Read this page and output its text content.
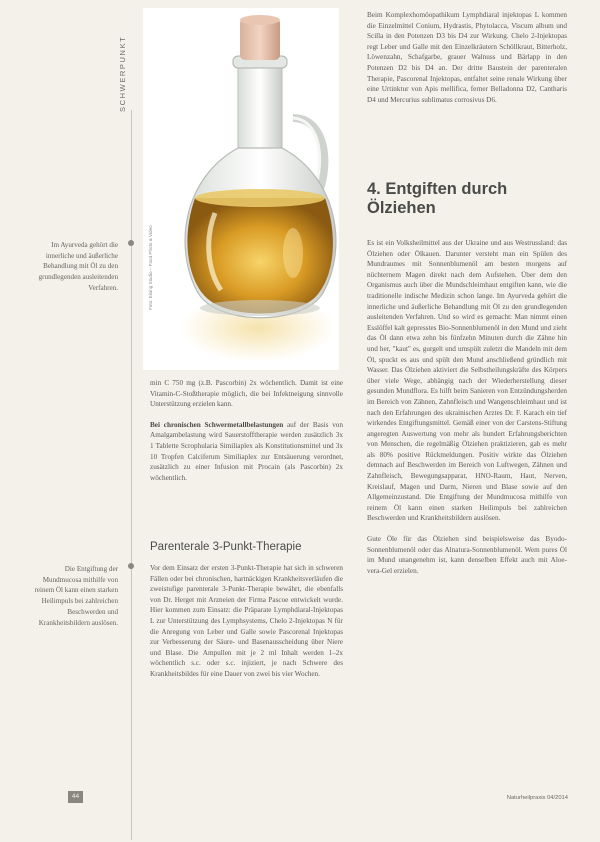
SCHWERPUNKT
Im Ayurveda gehört die innerliche und äußerliche Behandlung mit Öl zu den grundlegenden ausleitenden Verfahren.
Die Entgiftung der Mundmucosa mithilfe von reinem Öl kann einen starken Heilimpuls bei zahlreichen Beschwerden und Krankheitsbildern auslösen.
Foto: Eising Studio – Food Photo & Video

min C 750 mg (z.B. Pascorbin) 2x wöchentlich. Damit ist eine Vitamin-C-Stoßtherapie möglich, die bei Infektneigung sinnvolle Unterstützung erzielen kann.

Bei chronischen Schwermetallbelastungen auf der Basis von Amalgambelastung wird Sauerstofftherapie werden zusätzlich 3x 1 Tablette Scrophularia Similiaplex als Konstitutionsmittel und 3x 10 Tropfen Calciferum Similiaplex zur Entsäuerung verordnet, zusätzlich zu einer Infusion mit Procain (als Pascorbin) 2x wöchentlich.

Parenterale 3-Punkt-Therapie

Vor dem Einsatz der ersten 3-Punkt-Therapie hat sich in schweren Fällen oder bei chronischen, hartnäckigen Krankheitsverläufen die zweistufige parenterale 3-Punkt-Therapie bewährt, die ebenfalls von Dr. Herget mit Arzneien der Firma Pascoe entwickelt wurde. Hier kommen zum Einsatz: die Präparate Lymphdiaral-Injektopas L zur Unterstützung des Lymphsystems, Chelo 2-Injektopas N für die Anregung von Leber und Galle sowie Pascorenal Injektopas zur Verbesserung der Säure- und Basenausscheidung über Niere und Blase. Die Ampullen mit je 2 ml Inhalt werden 1–2x wöchentlich s.c. oder s.c. injiziert, je nach Schwere des Krankheitsbildes für eine Dauer von zwei bis vier Wochen.

Beim Komplexhomöopathikum Lymphdiaral injektopas L kommen die Einzelmittel Conium, Hydrastis, Phytolacca, Viscum album und Scilla in den Potenzen D3 bis D4 zur Wirkung. Chelo 2-Injektopas regt Leber und Galle mit den Einzelkräutern Schöllkraut, Bitterholz, Löwenzahn, Schafgarbe, grauer Walnuss und Bärlapp in den Potenzen D2 bis D4 an. Der dritte Baustein der parenteralen Therapie, Pascorenal Injektopas, entfaltet seine renale Wirkung über eine Urtinktur von Apis mellifica, ferner Belladonna D2, Cantharis D4 und Mercurius sublimatus corrosivus D6.

4. Entgiften durch
Ölziehen

Es ist ein Volksheilmittel aus der Ukraine und aus Westrussland: das Ölziehen oder Ölkauen. Darunter versteht man ein Spülen des Mundraumes mit Sonnenblumenöl am besten morgens auf nüchternem Magen direkt nach dem Aufstehen. Über dem den Organismus auch über die Mundschleimhaut entgiften kann, wie die traditionelle indische Medizin schon lange. Im Ayurveda gehört die innerliche und äußerliche Behandlung mit Öl zu den grundlegenden ausleitenden Verfahren. Und so wird es gemacht: Man nimmt einen Esslöffel kalt gepresstes Bio-Sonnenblumenöl in den Mund und zieht das Öl dann etwa zehn bis fünfzehn Minuten durch die Zähne hin und her, "kaut" es, gurgelt und umspült zuletzt die Mandeln mit dem Öl, spuckt es aus und spült den Mund anschließend gründlich mit Wasser. Das Ölziehen aktiviert die Selbstheilungskräfte des Körpers über viele Wege, abhängig nach der Wiederherstellung dieser gesunden Mundflora. Es hilft beim Sanieren von Entzündungsherden im Bereich von Zähnen, Zahnfleisch und Wangenschleimhaut und ist nach den Erfahrungen des ukrainischen Arztes Dr. F. Karach ein tief wirkendes Entgiftungsmittel. Gemäß einer von der Carstens-Stiftung angeregten Auswertung von mehr als hundert Erfahrungsberichten von Menschen, die regelmäßig Ölziehen praktizieren, gab es mehr als 80% positive Rückmeldungen. Positiv wirkte das Ölziehen demnach auf Beschwerden im Bereich von Luftwegen, Zähnen und Zahnfleisch, Bewegungsapparat, HNO-Raum, Haut, Nerven, Kreislauf, Magen und Darm, Nieren und Blase sowie auf den Allgemeinzustand. Die Entgiftung der Mundmucosa mithilfe von reinem Öl kann einen starken Heilimpuls bei zahlreichen Beschwerden und Krankheitsbildern auslösen.

Gute Öle für das Ölziehen sind beispielsweise das Byodo-Sonnenblumenöl oder das Alnatura-Sonnenblumenöl. Wem pures Öl im Mund unangenehm ist, kann denselben Effekt auch mit Aloe-vera-Gel erzielen.

44	Naturheilpraxis 04/2014
